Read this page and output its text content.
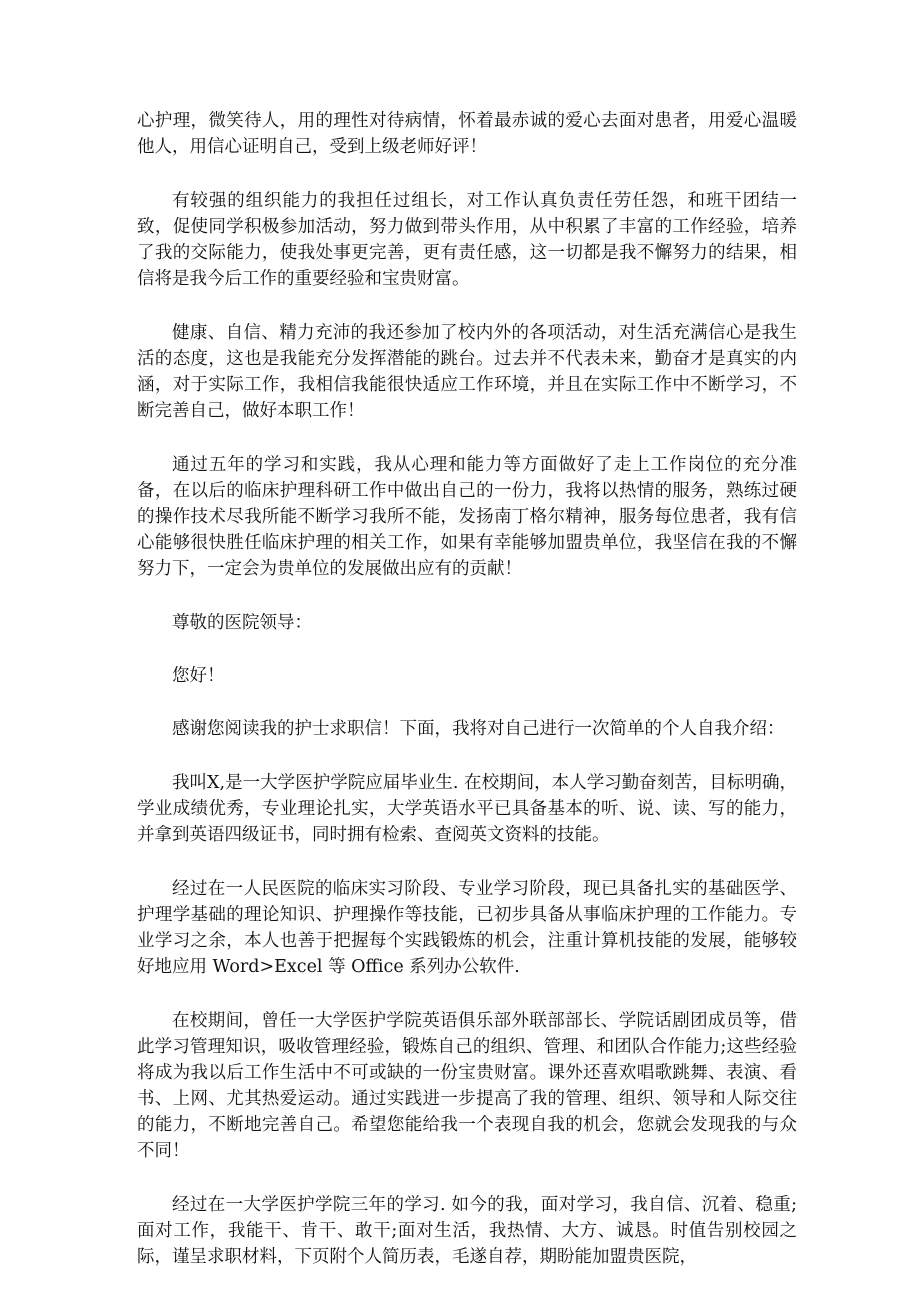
心护理，微笑待人，用的理性对待病情，怀着最赤诚的爱心去面对患者，用爱心温暖他人，用信心证明自己，受到上级老师好评！

有较强的组织能力的我担任过组长，对工作认真负责任劳任怨，和班干团结一致，促使同学积极参加活动，努力做到带头作用，从中积累了丰富的工作经验，培养了我的交际能力，使我处事更完善，更有责任感，这一切都是我不懈努力的结果，相信将是我今后工作的重要经验和宝贵财富。

健康、自信、精力充沛的我还参加了校内外的各项活动，对生活充满信心是我生活的态度，这也是我能充分发挥潜能的跳台。过去并不代表未来，勤奋才是真实的内涵，对于实际工作，我相信我能很快适应工作环境，并且在实际工作中不断学习，不断完善自己，做好本职工作！

通过五年的学习和实践，我从心理和能力等方面做好了走上工作岗位的充分准备，在以后的临床护理科研工作中做出自己的一份力，我将以热情的服务，熟练过硬的操作技术尽我所能不断学习我所不能，发扬南丁格尔精神，服务每位患者，我有信心能够很快胜任临床护理的相关工作，如果有幸能够加盟贵单位，我坚信在我的不懈努力下，一定会为贵单位的发展做出应有的贡献！

尊敬的医院领导：

您好！

感谢您阅读我的护士求职信！下面，我将对自己进行一次简单的个人自我介绍：

我叫X,是一大学医护学院应届毕业生. 在校期间，本人学习勤奋刻苦，目标明确，学业成绩优秀，专业理论扎实，大学英语水平已具备基本的听、说、读、写的能力，并拿到英语四级证书，同时拥有检索、查阅英文资料的技能。

经过在一人民医院的临床实习阶段、专业学习阶段，现已具备扎实的基础医学、护理学基础的理论知识、护理操作等技能，已初步具备从事临床护理的工作能力。专业学习之余，本人也善于把握每个实践锻炼的机会，注重计算机技能的发展，能够较好地应用 Word>Excel 等 Office 系列办公软件.

在校期间，曾任一大学医护学院英语俱乐部外联部部长、学院话剧团成员等，借此学习管理知识，吸收管理经验，锻炼自己的组织、管理、和团队合作能力;这些经验将成为我以后工作生活中不可或缺的一份宝贵财富。课外还喜欢唱歌跳舞、表演、看书、上网、尤其热爱运动。通过实践进一步提高了我的管理、组织、领导和人际交往的能力，不断地完善自己。希望您能给我一个表现自我的机会，您就会发现我的与众不同！

经过在一大学医护学院三年的学习. 如今的我，面对学习，我自信、沉着、稳重;面对工作，我能干、肯干、敢干;面对生活，我热情、大方、诚恳。时值告别校园之际，谨呈求职材料，下页附个人简历表，毛遂自荐，期盼能加盟贵医院，
